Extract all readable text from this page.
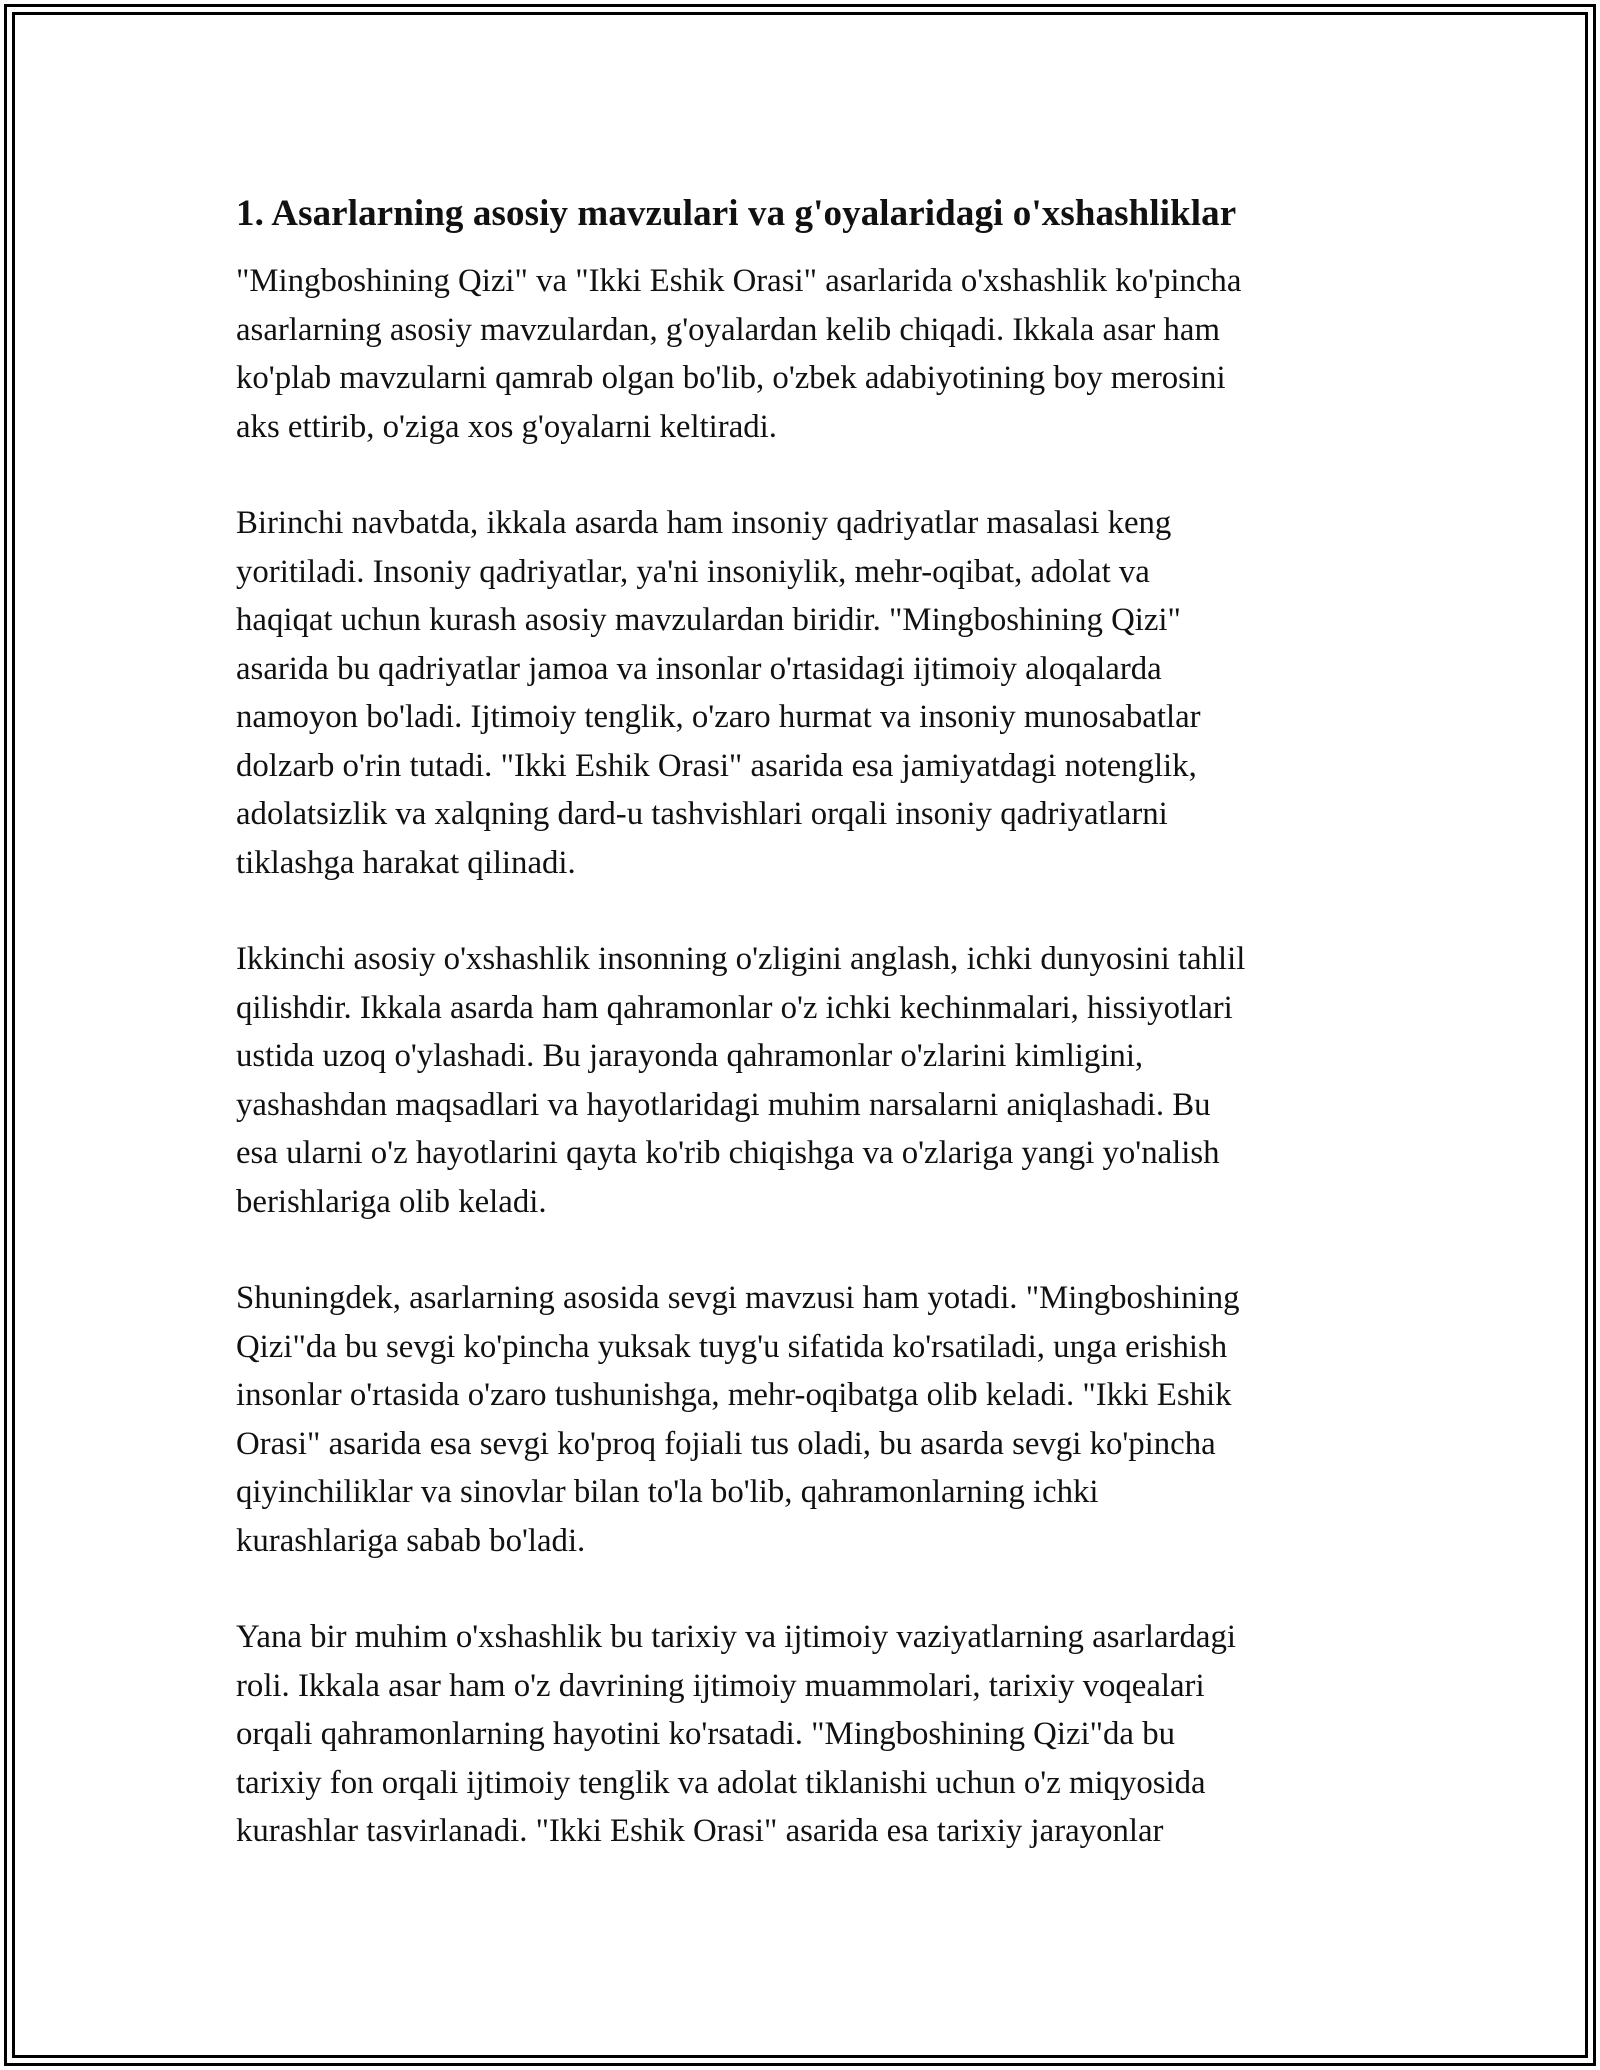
1. Asarlarning asosiy mavzulari va g'oyalaridagi o'xshashliklar

"Mingboshining Qizi" va "Ikki Eshik Orasi" asarlarida o'xshashlik ko'pincha
asarlarning asosiy mavzulardan, g'oyalardan kelib chiqadi. Ikkala asar ham
ko'plab mavzularni qamrab olgan bo'lib, o'zbek adabiyotining boy merosini
aks ettirib, o'ziga xos g'oyalarni keltiradi.

Birinchi navbatda, ikkala asarda ham insoniy qadriyatlar masalasi keng
yoritiladi. Insoniy qadriyatlar, ya'ni insoniylik, mehr-oqibat, adolat va
haqiqat uchun kurash asosiy mavzulardan biridir. "Mingboshining Qizi"
asarida bu qadriyatlar jamoa va insonlar o'rtasidagi ijtimoiy aloqalarda
namoyon bo'ladi. Ijtimoiy tenglik, o'zaro hurmat va insoniy munosabatlar
dolzarb o'rin tutadi. "Ikki Eshik Orasi" asarida esa jamiyatdagi notenglik,
adolatsizlik va xalqning dard-u tashvishlari orqali insoniy qadriyatlarni
tiklashga harakat qilinadi.

Ikkinchi asosiy o'xshashlik insonning o'zligini anglash, ichki dunyosini tahlil
qilishdir. Ikkala asarda ham qahramonlar o'z ichki kechinmalari, hissiyotlari
ustida uzoq o'ylashadi. Bu jarayonda qahramonlar o'zlarini kimligini,
yashashdan maqsadlari va hayotlaridagi muhim narsalarni aniqlashadi. Bu
esa ularni o'z hayotlarini qayta ko'rib chiqishga va o'zlariga yangi yo'nalish
berishlariga olib keladi.

Shuningdek, asarlarning asosida sevgi mavzusi ham yotadi. "Mingboshining
Qizi"da bu sevgi ko'pincha yuksak tuyg'u sifatida ko'rsatiladi, unga erishish
insonlar o'rtasida o'zaro tushunishga, mehr-oqibatga olib keladi. "Ikki Eshik
Orasi" asarida esa sevgi ko'proq fojiali tus oladi, bu asarda sevgi ko'pincha
qiyinchiliklar va sinovlar bilan to'la bo'lib, qahramonlarning ichki
kurashlariga sabab bo'ladi.

Yana bir muhim o'xshashlik bu tarixiy va ijtimoiy vaziyatlarning asarlardagi
roli. Ikkala asar ham o'z davrining ijtimoiy muammolari, tarixiy voqealari
orqali qahramonlarning hayotini ko'rsatadi. "Mingboshining Qizi"da bu
tarixiy fon orqali ijtimoiy tenglik va adolat tiklanishi uchun o'z miqyosida
kurashlar tasvirlanadi. "Ikki Eshik Orasi" asarida esa tarixiy jarayonlar
